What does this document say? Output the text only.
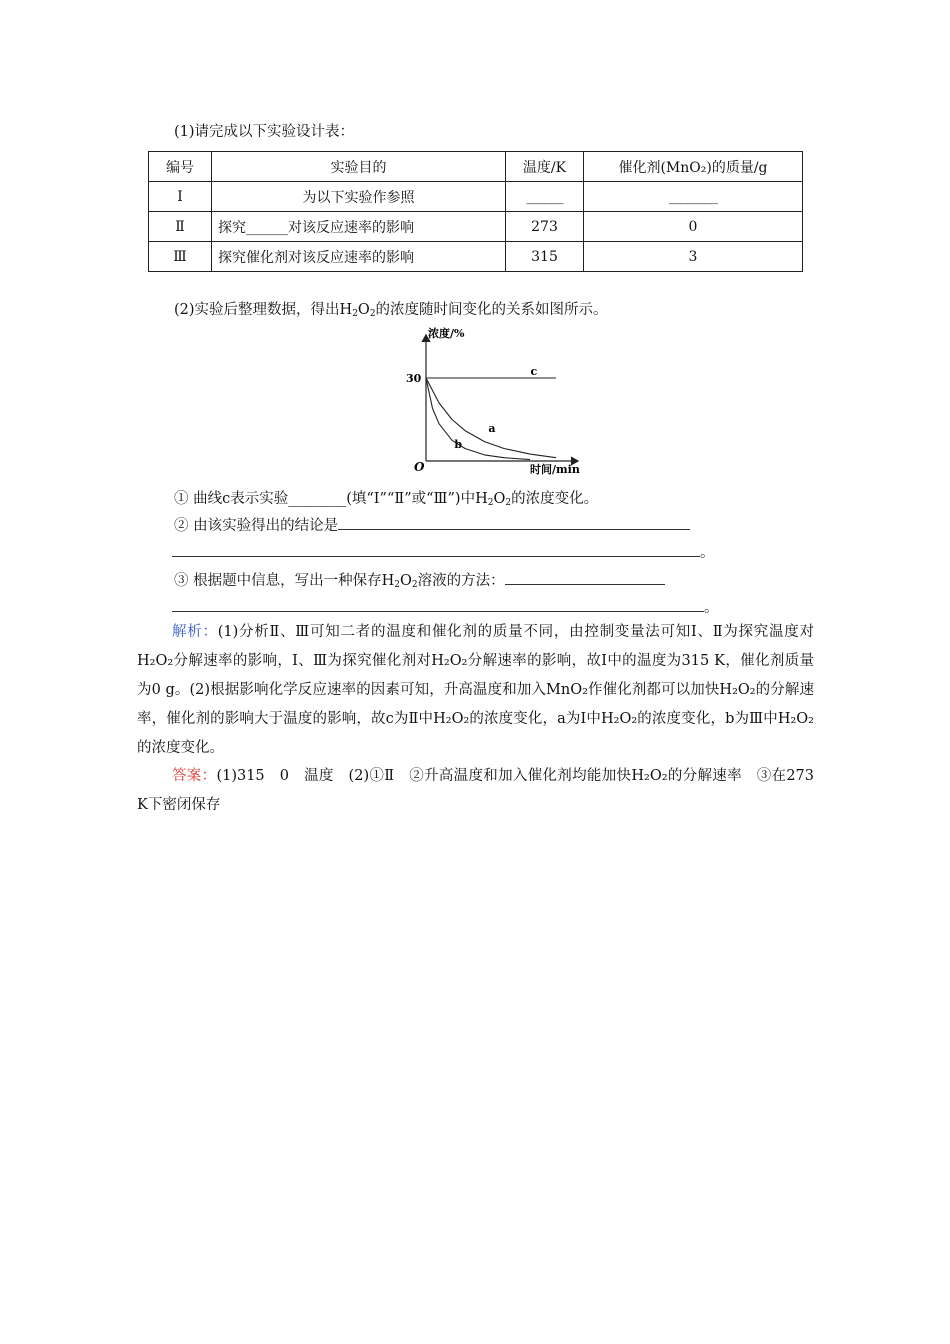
(1)请完成以下实验设计表：
编号	实验目的	温度/K	催化剂(MnO₂)的质量/g
Ⅰ	为以下实验作参照	______	________
Ⅱ	探究______对该反应速率的影响	273	0
Ⅲ	探究催化剂对该反应速率的影响	315	3
(2)实验后整理数据，得出$H_2O_2$的浓度随时间变化的关系如图所示。
浓度/%
时间/min
O
30
c
a
b
① 曲线c表示实验________(填“Ⅰ”“Ⅱ”或“Ⅲ”)中$H_2O_2$的浓度变化。
② 由该实验得出的结论是
。
③ 根据题中信息，写出一种保存$H_2O_2$溶液的方法：
。
解析：(1)分析Ⅱ、Ⅲ可知二者的温度和催化剂的质量不同，由控制变量法可知Ⅰ、Ⅱ为探究温度对H₂O₂分解速率的影响，Ⅰ、Ⅲ为探究催化剂对H₂O₂分解速率的影响，故Ⅰ中的温度为315 K，催化剂质量为0 g。(2)根据影响化学反应速率的因素可知，升高温度和加入MnO₂作催化剂都可以加快H₂O₂的分解速率，催化剂的影响大于温度的影响，故c为Ⅱ中H₂O₂的浓度变化，a为Ⅰ中H₂O₂的浓度变化，b为Ⅲ中H₂O₂的浓度变化。
答案：(1)315　0　温度　(2)①Ⅱ　②升高温度和加入催化剂均能加快H₂O₂的分解速率　③在273 K下密闭保存
